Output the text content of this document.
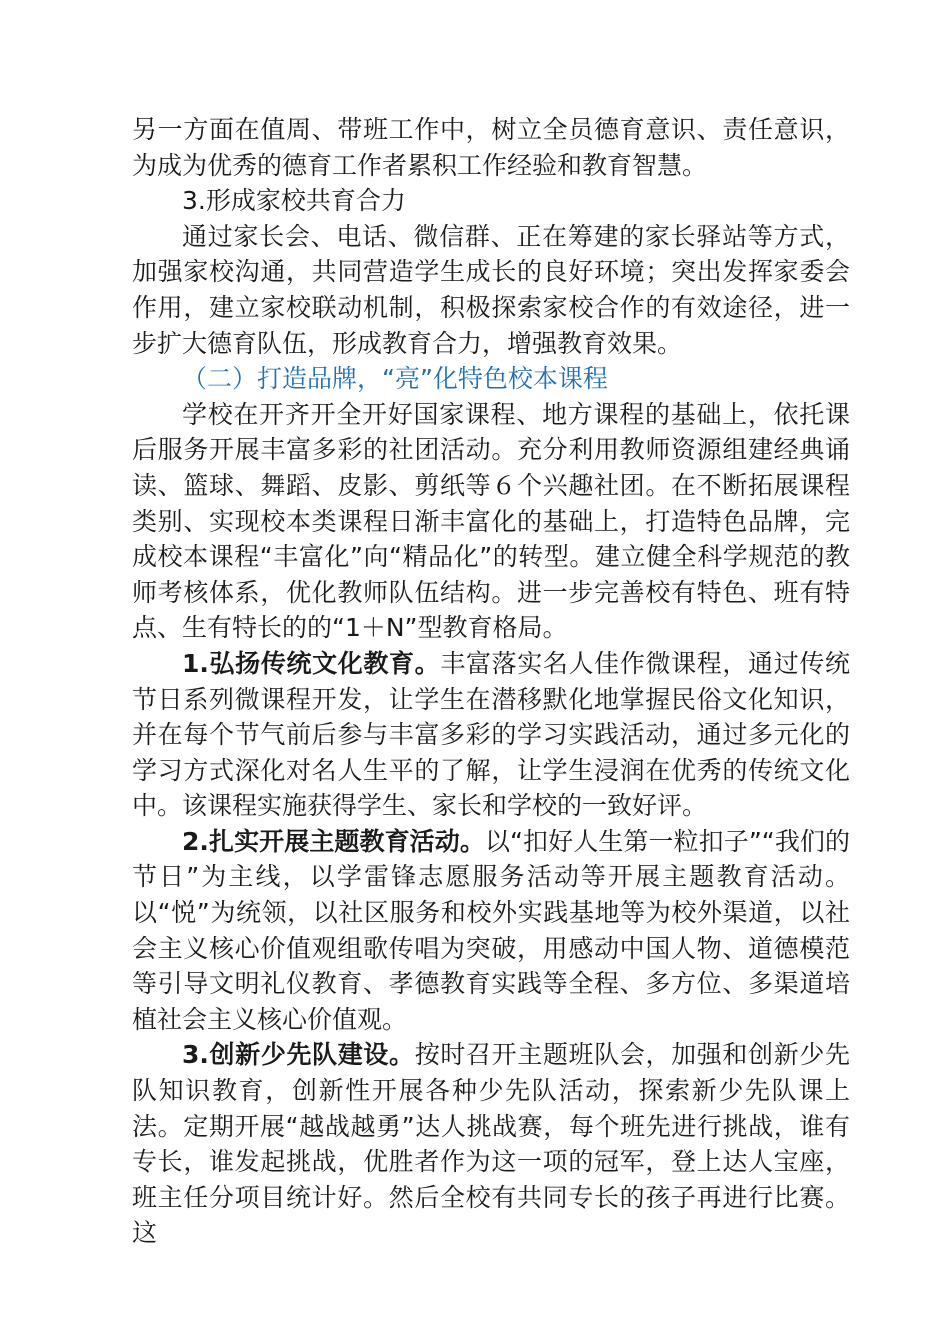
另一方面在值周、带班工作中，树立全员德育意识、责任意识，为成为优秀的德育工作者累积工作经验和教育智慧。

3.形成家校共育合力

通过家长会、电话、微信群、正在筹建的家长驿站等方式，加强家校沟通，共同营造学生成长的良好环境；突出发挥家委会作用，建立家校联动机制，积极探索家校合作的有效途径，进一步扩大德育队伍，形成教育合力，增强教育效果。

（二）打造品牌，“亮”化特色校本课程

学校在开齐开全开好国家课程、地方课程的基础上，依托课后服务开展丰富多彩的社团活动。充分利用教师资源组建经典诵读、篮球、舞蹈、皮影、剪纸等６个兴趣社团。在不断拓展课程类别、实现校本类课程日渐丰富化的基础上，打造特色品牌，完成校本课程“丰富化”向“精品化”的转型。建立健全科学规范的教师考核体系，优化教师队伍结构。进一步完善校有特色、班有特点、生有特长的的“1＋N”型教育格局。

1.弘扬传统文化教育。丰富落实名人佳作微课程，通过传统节日系列微课程开发，让学生在潜移默化地掌握民俗文化知识，并在每个节气前后参与丰富多彩的学习实践活动，通过多元化的学习方式深化对名人生平的了解，让学生浸润在优秀的传统文化中。该课程实施获得学生、家长和学校的一致好评。

2.扎实开展主题教育活动。以“扣好人生第一粒扣子”“我们的节日”为主线，以学雷锋志愿服务活动等开展主题教育活动。以“悦”为统领，以社区服务和校外实践基地等为校外渠道，以社会主义核心价值观组歌传唱为突破，用感动中国人物、道德模范等引导文明礼仪教育、孝德教育实践等全程、多方位、多渠道培植社会主义核心价值观。

3.创新少先队建设。按时召开主题班队会，加强和创新少先队知识教育，创新性开展各种少先队活动，探索新少先队课上法。定期开展“越战越勇”达人挑战赛，每个班先进行挑战，谁有专长，谁发起挑战，优胜者作为这一项的冠军，登上达人宝座，班主任分项目统计好。然后全校有共同专长的孩子再进行比赛。这
